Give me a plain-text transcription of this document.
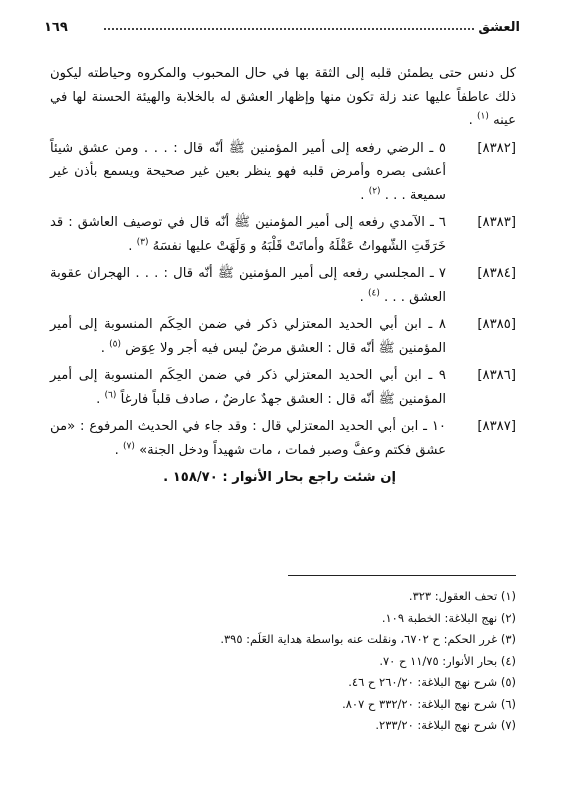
العشق
١٦٩

كل دنس حتى يطمئن قلبه إلى الثقة بها في حال المحبوب والمكروه وحياطته ليكون ذلك عاطفاً عليها عند زلة تكون منها وإظهار العشق له بالخلابة والهيئة الحسنة لها في عينه $^{(١)}$ .

[٨٣٨٢]
٥ ـ الرضي رفعه إلى أمير المؤمنين ﷺ أنّه قال : . . . ومن عشق شيئاً أعشى بصره وأمرض قلبه فهو ينظر بعين غير صحيحة ويسمع بأذن غير سميعة . . . $^{(٢)}$ .
[٨٣٨٣]
٦ ـ الآمدي رفعه إلى أمير المؤمنين ﷺ أنّه قال في توصيف العاشق : قد خَرَقَتِ الشّهواتُ عَقْلَهُ وأماتَتْ قَلْبَهُ و وَلَهَتْ عليها نفسَهُ $^{(٣)}$ .
[٨٣٨٤]
٧ ـ المجلسي رفعه إلى أمير المؤمنين ﷺ أنّه قال : . . . الهجران عقوبة العشق . . . $^{(٤)}$ .
[٨٣٨٥]
٨ ـ ابن أبي الحديد المعتزلي ذكر في ضمن الحِكَم المنسوبة إلى أمير المؤمنين ﷺ أنّه قال : العشق مرضٌ ليس فيه أجر ولا عِوَض $^{(٥)}$ .
[٨٣٨٦]
٩ ـ ابن أبي الحديد المعتزلي ذكر في ضمن الحِكَم المنسوبة إلى أمير المؤمنين ﷺ أنّه قال : العشق جهدٌ عارضٌ ، صادف قلباً فارغاً $^{(٦)}$ .
[٨٣٨٧]
١٠ ـ ابن أبي الحديد المعتزلي قال : وقد جاء في الحديث المرفوع : «من عشق فكتم وعفَّ وصبر فمات ، مات شهيداً ودخل الجنة» $^{(٧)}$ .

إن شئت راجع بحار الأنوار : ١٥٨/٧٠ .

(١) تحف العقول: ٣٢٣.
(٢) نهج البلاغة: الخطبة ١٠٩.
(٣) غرر الحكم: ح ٦٧٠٢، ونقلت عنه بواسطة هداية العَلَم: ٣٩٥.
(٤) بحار الأنوار: ١١/٧٥ ح ٧٠.
(٥) شرح نهج البلاغة: ٢٦٠/٢٠ ح ٤٦.
(٦) شرح نهج البلاغة: ٣٣٢/٢٠ ح ٨٠٧.
(٧) شرح نهج البلاغة: ٢٣٣/٢٠.
